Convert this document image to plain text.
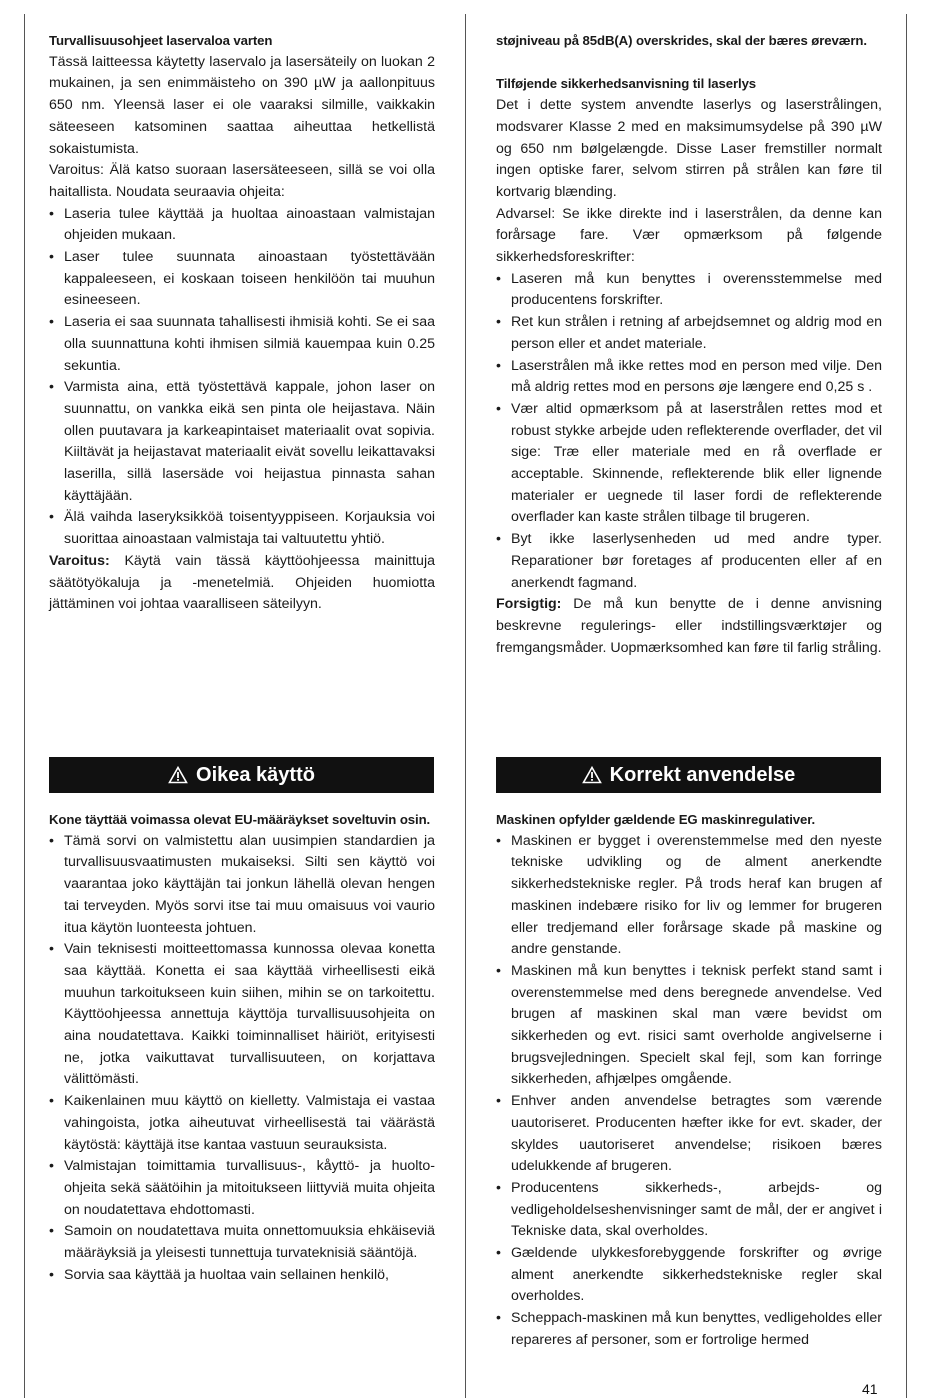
Turvallisuusohjeet laservaloa varten

Tässä laitteessa käytetty laservalo ja lasersäteily on luokan 2 mukainen, ja sen enimmäisteho on 390 µW ja aallonpituus 650 nm. Yleensä laser ei ole vaaraksi silmille, vaikkakin säteeseen katsominen saattaa aiheuttaa hetkellistä sokaistumista.

Varoitus: Älä katso suoraan lasersäteeseen, sillä se voi olla haitallista. Noudata seuraavia ohjeita:

• Laseria tulee käyttää ja huoltaa ainoastaan valmistajan ohjeiden mukaan.
• Laser tulee suunnata ainoastaan työstettävään kappaleeseen, ei koskaan toiseen henkilöön tai muuhun esineeseen.
• Laseria ei saa suunnata tahallisesti ihmisiä kohti. Se ei saa olla suunnattuna kohti ihmisen silmiä kauempaa kuin 0.25 sekuntia.
• Varmista aina, että työstettävä kappale, johon laser on suunnattu, on vankka eikä sen pinta ole heijastava. Näin ollen puutavara ja karkeapintaiset materiaalit ovat sopivia. Kiiltävät ja heijastavat materiaalit eivät sovellu leikattavaksi laserilla, sillä lasersäde voi heijastua pinnasta sahan käyttäjään.
• Älä vaihda laseryksikköä toisentyyppiseen. Korjauksia voi suorittaa ainoastaan valmistaja tai valtuutettu yhtiö.

Varoitus: Käytä vain tässä käyttöohjeessa mainittuja säätötyökaluja ja -menetelmiä. Ohjeiden huomiotta jättäminen voi johtaa vaaralliseen säteilyyn.

støjniveau på 85dB(A) overskrides, skal der bæres øreværn.

Tilføjende sikkerhedsanvisning til laserlys

Det i dette system anvendte laserlys og laserstrålingen, modsvarer Klasse 2 med en maksimumsydelse på 390 µW og 650 nm bølgelængde. Disse Laser fremstiller normalt ingen optiske farer, selvom stirren på strålen kan føre til kortvarig blænding.

Advarsel: Se ikke direkte ind i laserstrålen, da denne kan forårsage fare. Vær opmærksom på følgende sikkerhedsforeskrifter:

• Laseren må kun benyttes i overensstemmelse med producentens forskrifter.
• Ret kun strålen i retning af arbejdsemnet og aldrig mod en person eller et andet materiale.
• Laserstrålen må ikke rettes mod en person med vilje. Den må aldrig rettes mod en persons øje længere end 0,25 s .
• Vær altid opmærksom på at laserstrålen rettes mod et robust stykke arbejde uden reflekterende overflader, det vil sige: Træ eller materiale med en rå overflade er acceptable. Skinnende, reflekterende blik eller lignende materialer er uegnede til laser fordi de reflekterende overflader kan kaste strålen tilbage til brugeren.
• Byt ikke laserlysenheden ud med andre typer. Reparationer bør foretages af producenten eller af en anerkendt fagmand.

Forsigtig: De må kun benytte de i denne anvisning beskrevne regulerings- eller indstillingsværktøjer og fremgangsmåder. Uopmærksomhed kan føre til farlig stråling.

Oikea käyttö	Korrekt anvendelse

Kone täyttää voimassa olevat EU-määräykset soveltuvin osin.

• Tämä sorvi on valmistettu alan uusimpien standardien ja turvallisuusvaatimusten mukaiseksi. Silti sen käyttö voi vaarantaa joko käyttäjän tai jonkun lähellä olevan hengen tai terveyden. Myös sorvi itse tai muu omaisuus voi vaurio itua käytön luonteesta johtuen.
• Vain teknisesti moitteettomassa kunnossa olevaa konetta saa käyttää. Konetta ei saa käyttää virheellisesti eikä muuhun tarkoitukseen kuin siihen, mihin se on tarkoitettu. Käyttöohjeessa annettuja käyttöja turvallisuusohjeita on aina noudatettava. Kaikki toiminnalliset häiriöt, erityisesti ne, jotka vaikuttavat turvallisuuteen, on korjattava välittömästi.
• Kaikenlainen muu käyttö on kielletty. Valmistaja ei vastaa vahingoista, jotka aiheutuvat virheellisestä tai väärästä käytöstä: käyttäjä itse kantaa vastuun seurauksista.
• Valmistajan toimittamia turvallisuus-, kåyttö- ja huolto-ohjeita sekä säätöihin ja mitoitukseen liittyviä muita ohjeita on noudatettava ehdottomasti.
• Samoin on noudatettava muita onnettomuuksia ehkäiseviä määräyksiä ja yleisesti tunnettuja turvateknisiä sääntöjä.
• Sorvia saa käyttää ja huoltaa vain sellainen henkilö,

Maskinen opfylder gældende EG maskinregulativer.

• Maskinen er bygget i overenstemmelse med den nyeste tekniske udvikling og de alment anerkendte sikkerhedstekniske regler. På trods heraf kan brugen af maskinen indebære risiko for liv og lemmer for brugeren eller tredjemand eller forårsage skade på maskine og andre genstande.
• Maskinen må kun benyttes i teknisk perfekt stand samt i overenstemmelse med dens beregnede anvendelse. Ved brugen af maskinen skal man være bevidst om sikkerheden og evt. risici samt overholde angivelserne i brugsvejledningen. Specielt skal fejl, som kan forringe sikkerheden, afhjælpes omgående.
• Enhver anden anvendelse betragtes som værende uautoriseret. Producenten hæfter ikke for evt. skader, der skyldes uautoriseret anvendelse; risikoen bæres udelukkende af brugeren.
• Producentens sikkerheds-, arbejds- og vedligeholdelseshenvisninger samt de mål, der er angivet i Tekniske data, skal overholdes.
• Gældende ulykkesforebyggende forskrifter og øvrige alment anerkendte sikkerhedstekniske regler skal overholdes.
• Scheppach-maskinen må kun benyttes, vedligeholdes eller repareres af personer, som er fortrolige hermed
41
